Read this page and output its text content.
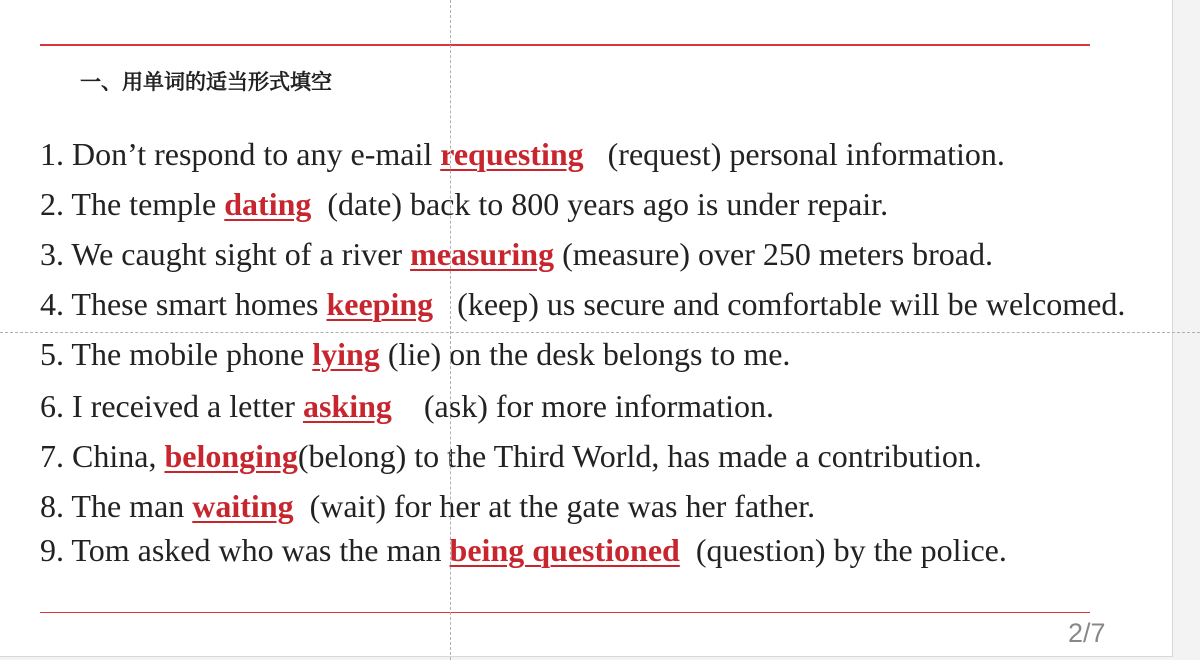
一、用单词的适当形式填空
1. Don’t respond to any e-mail requesting   (request) personal information.
2. The temple dating  (date) back to 800 years ago is under repair.
3. We caught sight of a river measuring (measure) over 250 meters broad.
4. These smart homes keeping   (keep) us secure and comfortable will be welcomed.
5. The mobile phone lying (lie) on the desk belongs to me.
6. I received a letter asking    (ask) for more information.
7. China, belonging(belong) to the Third World, has made a contribution.
8. The man waiting  (wait) for her at the gate was her father.
9. Tom asked who was the man being questioned  (question) by the police.
2/7
